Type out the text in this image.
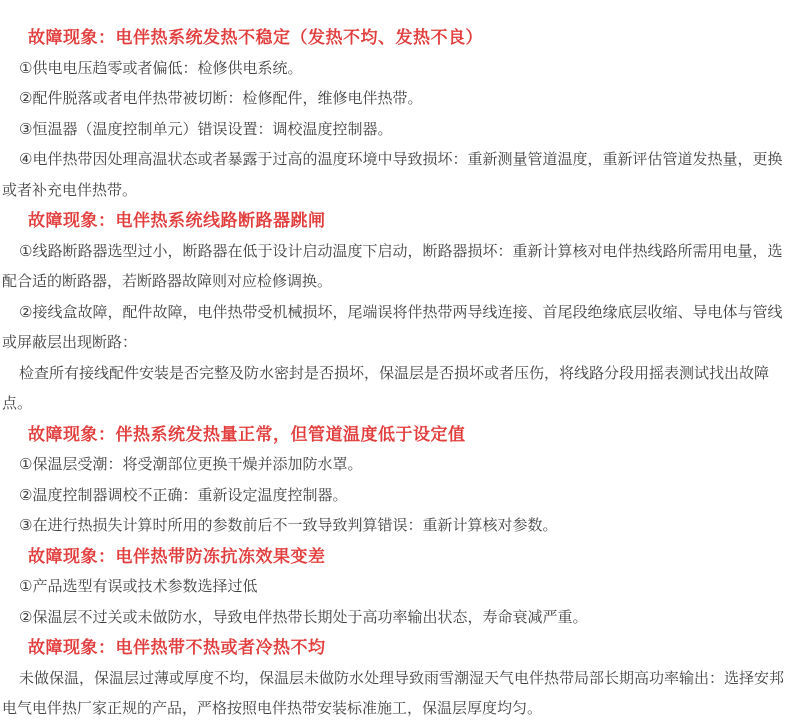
故障现象：电伴热系统发热不稳定（发热不均、发热不良）

①供电电压趋零或者偏低：检修供电系统。

②配件脱落或者电伴热带被切断：检修配件，维修电伴热带。

③恒温器（温度控制单元）错误设置：调校温度控制器。

④电伴热带因处理高温状态或者暴露于过高的温度环境中导致损坏：重新测量管道温度，重新评估管道发热量，更换或者补充电伴热带。

故障现象：电伴热系统线路断路器跳闸

①线路断路器选型过小，断路器在低于设计启动温度下启动，断路器损坏：重新计算核对电伴热线路所需用电量，选配合适的断路器，若断路器故障则对应检修调换。

②接线盒故障，配件故障，电伴热带受机械损坏，尾端误将伴热带两导线连接、首尾段绝缘底层收缩、导电体与管线或屏蔽层出现断路：

检查所有接线配件安装是否完整及防水密封是否损坏，保温层是否损坏或者压伤，将线路分段用摇表测试找出故障点。

故障现象：伴热系统发热量正常，但管道温度低于设定值

①保温层受潮：将受潮部位更换干燥并添加防水罩。

②温度控制器调校不正确：重新设定温度控制器。

③在进行热损失计算时所用的参数前后不一致导致判算错误：重新计算核对参数。

故障现象：电伴热带防冻抗冻效果变差

①产品选型有误或技术参数选择过低

②保温层不过关或未做防水，导致电伴热带长期处于高功率输出状态，寿命衰减严重。

故障现象：电伴热带不热或者冷热不均

未做保温，保温层过薄或厚度不均，保温层未做防水处理导致雨雪潮湿天气电伴热带局部长期高功率输出：选择安邦电气电伴热厂家正规的产品，严格按照电伴热带安装标准施工，保温层厚度均匀。
